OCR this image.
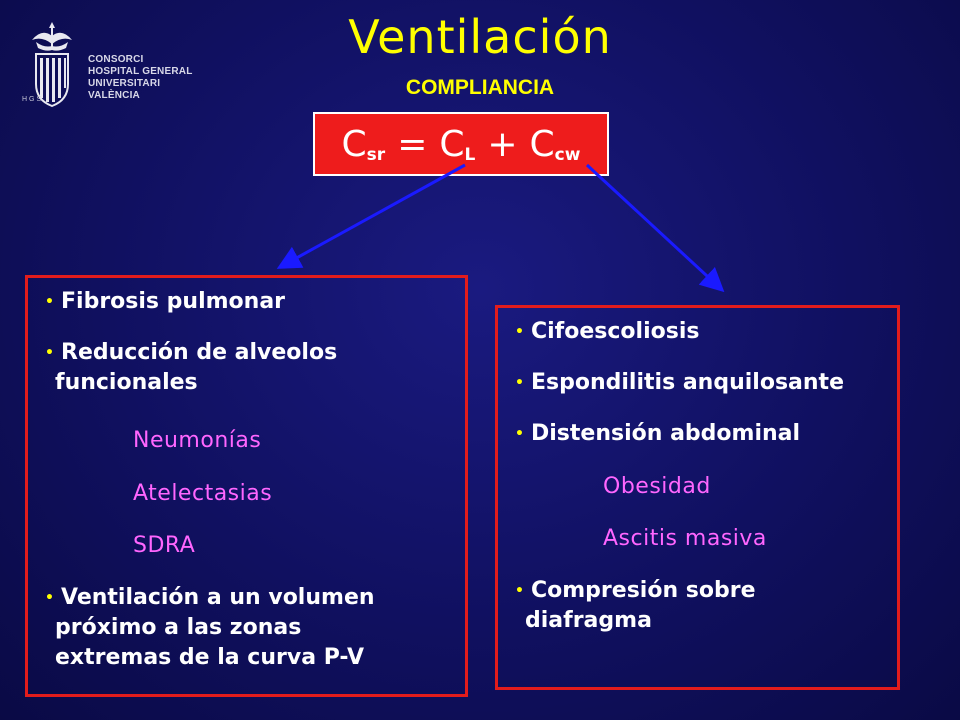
CONSORCI
HOSPITAL GENERAL
UNIVERSITARI
VALÈNCIA
Ventilación
COMPLIANCIA
$C_{sr} = C_L + C_{cw}$
• Fibrosis pulmonar
• Reducción de alveolos
funcionales
Neumonías
Atelectasias
SDRA
• Ventilación a un volumen
próximo a las zonas
extremas de la curva P-V
• Cifoescoliosis
• Espondilitis anquilosante
• Distensión abdominal
Obesidad
Ascitis masiva
• Compresión sobre
diafragma
HGS
